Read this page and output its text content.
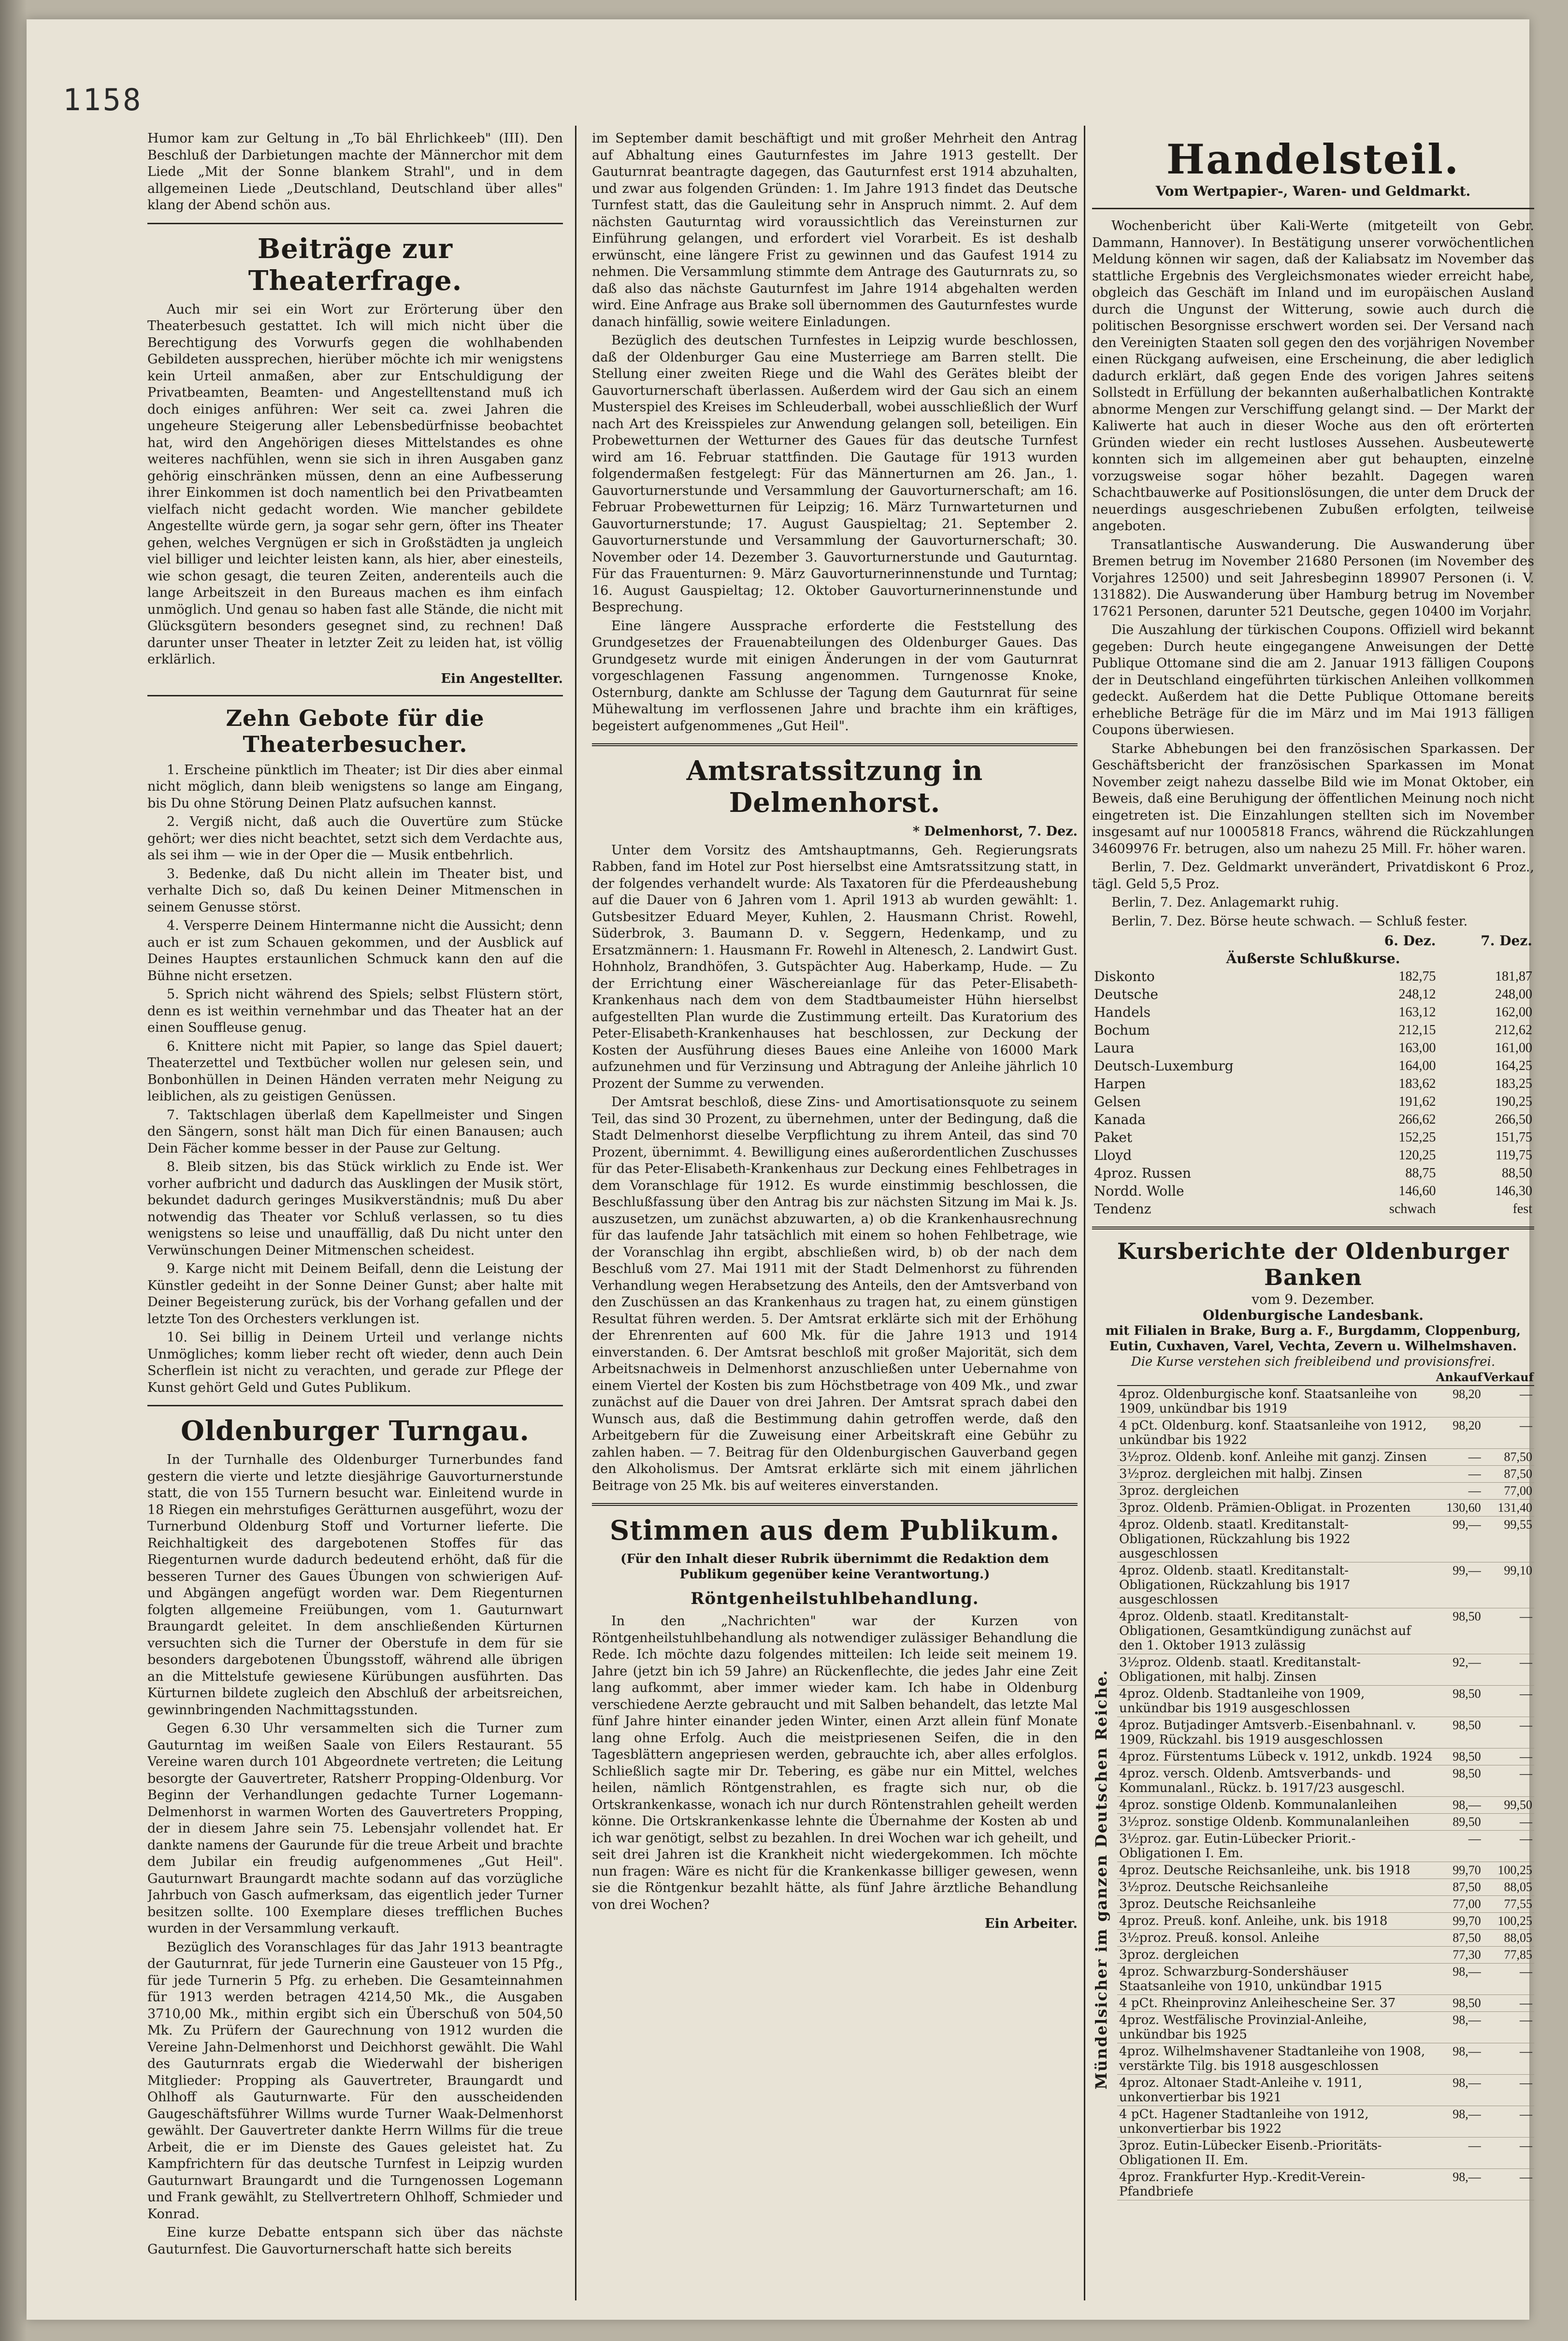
1158

Humor kam zur Geltung in „To bäl Ehrlichkeeb" (III). Den Beschluß der Darbietungen machte der Männerchor mit dem Liede „Mit der Sonne blankem Strahl", und in dem allgemeinen Liede „Deutschland, Deutschland über alles" klang der Abend schön aus.

Beiträge zur Theaterfrage.

Auch mir sei ein Wort zur Erörterung über den Theaterbesuch gestattet. Ich will mich nicht über die Berechtigung des Vorwurfs gegen die wohlhabenden Gebildeten aussprechen, hierüber möchte ich mir wenigstens kein Urteil anmaßen, aber zur Entschuldigung der Privatbeamten, Beamten- und Angestelltenstand muß ich doch einiges anführen: Wer seit ca. zwei Jahren die ungeheure Steigerung aller Lebensbedürfnisse beobachtet hat, wird den Angehörigen dieses Mittelstandes es ohne weiteres nachfühlen, wenn sie sich in ihren Ausgaben ganz gehörig einschränken müssen, denn an eine Aufbesserung ihrer Einkommen ist doch namentlich bei den Privatbeamten vielfach nicht gedacht worden. Wie mancher gebildete Angestellte würde gern, ja sogar sehr gern, öfter ins Theater gehen, welches Vergnügen er sich in Großstädten ja ungleich viel billiger und leichter leisten kann, als hier, aber einesteils, wie schon gesagt, die teuren Zeiten, anderenteils auch die lange Arbeitszeit in den Bureaus machen es ihm einfach unmöglich. Und genau so haben fast alle Stände, die nicht mit Glücksgütern besonders gesegnet sind, zu rechnen! Daß darunter unser Theater in letzter Zeit zu leiden hat, ist völlig erklärlich.

Ein Angestellter.
Zehn Gebote für die Theaterbesucher.

1. Erscheine pünktlich im Theater; ist Dir dies aber einmal nicht möglich, dann bleib wenigstens so lange am Eingang, bis Du ohne Störung Deinen Platz aufsuchen kannst.

2. Vergiß nicht, daß auch die Ouvertüre zum Stücke gehört; wer dies nicht beachtet, setzt sich dem Verdachte aus, als sei ihm — wie in der Oper die — Musik entbehrlich.

3. Bedenke, daß Du nicht allein im Theater bist, und verhalte Dich so, daß Du keinen Deiner Mitmenschen in seinem Genusse störst.

4. Versperre Deinem Hintermanne nicht die Aussicht; denn auch er ist zum Schauen gekommen, und der Ausblick auf Deines Hauptes erstaunlichen Schmuck kann den auf die Bühne nicht ersetzen.

5. Sprich nicht während des Spiels; selbst Flüstern stört, denn es ist weithin vernehmbar und das Theater hat an der einen Souffleuse genug.

6. Knittere nicht mit Papier, so lange das Spiel dauert; Theaterzettel und Textbücher wollen nur gelesen sein, und Bonbonhüllen in Deinen Händen verraten mehr Neigung zu leiblichen, als zu geistigen Genüssen.

7. Taktschlagen überlaß dem Kapellmeister und Singen den Sängern, sonst hält man Dich für einen Banausen; auch Dein Fächer komme besser in der Pause zur Geltung.

8. Bleib sitzen, bis das Stück wirklich zu Ende ist. Wer vorher aufbricht und dadurch das Ausklingen der Musik stört, bekundet dadurch geringes Musikverständnis; muß Du aber notwendig das Theater vor Schluß verlassen, so tu dies wenigstens so leise und unauffällig, daß Du nicht unter den Verwünschungen Deiner Mitmenschen scheidest.

9. Karge nicht mit Deinem Beifall, denn die Leistung der Künstler gedeiht in der Sonne Deiner Gunst; aber halte mit Deiner Begeisterung zurück, bis der Vorhang gefallen und der letzte Ton des Orchesters verklungen ist.

10. Sei billig in Deinem Urteil und verlange nichts Unmögliches; komm lieber recht oft wieder, denn auch Dein Scherflein ist nicht zu verachten, und gerade zur Pflege der Kunst gehört Geld und Gutes Publikum.

Oldenburger Turngau.

In der Turnhalle des Oldenburger Turnerbundes fand gestern die vierte und letzte diesjährige Gauvorturnerstunde statt, die von 155 Turnern besucht war. Einleitend wurde in 18 Riegen ein mehrstufiges Gerätturnen ausgeführt, wozu der Turnerbund Oldenburg Stoff und Vorturner lieferte. Die Reichhaltigkeit des dargebotenen Stoffes für das Riegenturnen wurde dadurch bedeutend erhöht, daß für die besseren Turner des Gaues Übungen von schwierigen Auf- und Abgängen angefügt worden war. Dem Riegenturnen folgten allgemeine Freiübungen, vom 1. Gauturnwart Braungardt geleitet. In dem anschließenden Kürturnen versuchten sich die Turner der Oberstufe in dem für sie besonders dargebotenen Übungsstoff, während alle übrigen an die Mittelstufe gewiesene Kürübungen ausführten. Das Kürturnen bildete zugleich den Abschluß der arbeitsreichen, gewinnbringenden Nachmittagsstunden.

Gegen 6.30 Uhr versammelten sich die Turner zum Gauturntag im weißen Saale von Eilers Restaurant. 55 Vereine waren durch 101 Abgeordnete vertreten; die Leitung besorgte der Gauvertreter, Ratsherr Propping-Oldenburg. Vor Beginn der Verhandlungen gedachte Turner Logemann-Delmenhorst in warmen Worten des Gauvertreters Propping, der in diesem Jahre sein 75. Lebensjahr vollendet hat. Er dankte namens der Gaurunde für die treue Arbeit und brachte dem Jubilar ein freudig aufgenommenes „Gut Heil". Gauturnwart Braungardt machte sodann auf das vorzügliche Jahrbuch von Gasch aufmerksam, das eigentlich jeder Turner besitzen sollte. 100 Exemplare dieses trefflichen Buches wurden in der Versammlung verkauft.

Bezüglich des Voranschlages für das Jahr 1913 beantragte der Gauturnrat, für jede Turnerin eine Gausteuer von 15 Pfg., für jede Turnerin 5 Pfg. zu erheben. Die Gesamteinnahmen für 1913 werden betragen 4214,50 Mk., die Ausgaben 3710,00 Mk., mithin ergibt sich ein Überschuß von 504,50 Mk. Zu Prüfern der Gaurechnung von 1912 wurden die Vereine Jahn-Delmenhorst und Deichhorst gewählt. Die Wahl des Gauturnrats ergab die Wiederwahl der bisherigen Mitglieder: Propping als Gauvertreter, Braungardt und Ohlhoff als Gauturnwarte. Für den ausscheidenden Gaugeschäftsführer Willms wurde Turner Waak-Delmenhorst gewählt. Der Gauvertreter dankte Herrn Willms für die treue Arbeit, die er im Dienste des Gaues geleistet hat. Zu Kampfrichtern für das deutsche Turnfest in Leipzig wurden Gauturnwart Braungardt und die Turngenossen Logemann und Frank gewählt, zu Stellvertretern Ohlhoff, Schmieder und Konrad.

Eine kurze Debatte entspann sich über das nächste Gauturnfest. Die Gauvorturnerschaft hatte sich bereits

im September damit beschäftigt und mit großer Mehrheit den Antrag auf Abhaltung eines Gauturnfestes im Jahre 1913 gestellt. Der Gauturnrat beantragte dagegen, das Gauturnfest erst 1914 abzuhalten, und zwar aus folgenden Gründen: 1. Im Jahre 1913 findet das Deutsche Turnfest statt, das die Gauleitung sehr in Anspruch nimmt. 2. Auf dem nächsten Gauturntag wird voraussichtlich das Vereinsturnen zur Einführung gelangen, und erfordert viel Vorarbeit. Es ist deshalb erwünscht, eine längere Frist zu gewinnen und das Gaufest 1914 zu nehmen. Die Versammlung stimmte dem Antrage des Gauturnrats zu, so daß also das nächste Gauturnfest im Jahre 1914 abgehalten werden wird. Eine Anfrage aus Brake soll übernommen des Gauturnfestes wurde danach hinfällig, sowie weitere Einladungen.

Bezüglich des deutschen Turnfestes in Leipzig wurde beschlossen, daß der Oldenburger Gau eine Musterriege am Barren stellt. Die Stellung einer zweiten Riege und die Wahl des Gerätes bleibt der Gauvorturnerschaft überlassen. Außerdem wird der Gau sich an einem Musterspiel des Kreises im Schleuderball, wobei ausschließlich der Wurf nach Art des Kreisspieles zur Anwendung gelangen soll, beteiligen. Ein Probewetturnen der Wetturner des Gaues für das deutsche Turnfest wird am 16. Februar stattfinden. Die Gautage für 1913 wurden folgendermaßen festgelegt: Für das Männerturnen am 26. Jan., 1. Gauvorturnerstunde und Versammlung der Gauvorturnerschaft; am 16. Februar Probewetturnen für Leipzig; 16. März Turnwarteturnen und Gauvorturnerstunde; 17. August Gauspieltag; 21. September 2. Gauvorturnerstunde und Versammlung der Gauvorturnerschaft; 30. November oder 14. Dezember 3. Gauvorturnerstunde und Gauturntag. Für das Frauenturnen: 9. März Gauvorturnerinnenstunde und Turntag; 16. August Gauspieltag; 12. Oktober Gauvorturnerinnenstunde und Besprechung.

Eine längere Aussprache erforderte die Feststellung des Grundgesetzes der Frauenabteilungen des Oldenburger Gaues. Das Grundgesetz wurde mit einigen Änderungen in der vom Gauturnrat vorgeschlagenen Fassung angenommen. Turngenosse Knoke, Osternburg, dankte am Schlusse der Tagung dem Gauturnrat für seine Mühewaltung im verflossenen Jahre und brachte ihm ein kräftiges, begeistert aufgenommenes „Gut Heil".

Amtsratssitzung in Delmenhorst.

* Delmenhorst, 7. Dez.

Unter dem Vorsitz des Amtshauptmanns, Geh. Regierungsrats Rabben, fand im Hotel zur Post hierselbst eine Amtsratssitzung statt, in der folgendes verhandelt wurde: Als Taxatoren für die Pferdeaushebung auf die Dauer von 6 Jahren vom 1. April 1913 ab wurden gewählt: 1. Gutsbesitzer Eduard Meyer, Kuhlen, 2. Hausmann Christ. Rowehl, Süderbrok, 3. Baumann D. v. Seggern, Hedenkamp, und zu Ersatzmännern: 1. Hausmann Fr. Rowehl in Altenesch, 2. Landwirt Gust. Hohnholz, Brandhöfen, 3. Gutspächter Aug. Haberkamp, Hude. — Zu der Errichtung einer Wäschereianlage für das Peter-Elisabeth-Krankenhaus nach dem von dem Stadtbaumeister Hühn hierselbst aufgestellten Plan wurde die Zustimmung erteilt. Das Kuratorium des Peter-Elisabeth-Krankenhauses hat beschlossen, zur Deckung der Kosten der Ausführung dieses Baues eine Anleihe von 16000 Mark aufzunehmen und für Verzinsung und Abtragung der Anleihe jährlich 10 Prozent der Summe zu verwenden.

Der Amtsrat beschloß, diese Zins- und Amortisationsquote zu seinem Teil, das sind 30 Prozent, zu übernehmen, unter der Bedingung, daß die Stadt Delmenhorst dieselbe Verpflichtung zu ihrem Anteil, das sind 70 Prozent, übernimmt. 4. Bewilligung eines außerordentlichen Zuschusses für das Peter-Elisabeth-Krankenhaus zur Deckung eines Fehlbetrages in dem Voranschlage für 1912. Es wurde einstimmig beschlossen, die Beschlußfassung über den Antrag bis zur nächsten Sitzung im Mai k. Js. auszusetzen, um zunächst abzuwarten, a) ob die Krankenhausrechnung für das laufende Jahr tatsächlich mit einem so hohen Fehlbetrage, wie der Voranschlag ihn ergibt, abschließen wird, b) ob der nach dem Beschluß vom 27. Mai 1911 mit der Stadt Delmenhorst zu führenden Verhandlung wegen Herabsetzung des Anteils, den der Amtsverband von den Zuschüssen an das Krankenhaus zu tragen hat, zu einem günstigen Resultat führen werden. 5. Der Amtsrat erklärte sich mit der Erhöhung der Ehrenrenten auf 600 Mk. für die Jahre 1913 und 1914 einverstanden. 6. Der Amtsrat beschloß mit großer Majorität, sich dem Arbeitsnachweis in Delmenhorst anzuschließen unter Uebernahme von einem Viertel der Kosten bis zum Höchstbetrage von 409 Mk., und zwar zunächst auf die Dauer von drei Jahren. Der Amtsrat sprach dabei den Wunsch aus, daß die Bestimmung dahin getroffen werde, daß den Arbeitgebern für die Zuweisung einer Arbeitskraft eine Gebühr zu zahlen haben. — 7. Beitrag für den Oldenburgischen Gauverband gegen den Alkoholismus. Der Amtsrat erklärte sich mit einem jährlichen Beitrage von 25 Mk. bis auf weiteres einverstanden.

Stimmen aus dem Publikum.
(Für den Inhalt dieser Rubrik übernimmt die Redaktion dem Publikum gegenüber keine Verantwortung.)
Röntgenheilstuhlbehandlung.

In den „Nachrichten" war der Kurzen von Röntgenheilstuhlbehandlung als notwendiger zulässiger Behandlung die Rede. Ich möchte dazu folgendes mitteilen: Ich leide seit meinem 19. Jahre (jetzt bin ich 59 Jahre) an Rückenflechte, die jedes Jahr eine Zeit lang aufkommt, aber immer wieder kam. Ich habe in Oldenburg verschiedene Aerzte gebraucht und mit Salben behandelt, das letzte Mal fünf Jahre hinter einander jeden Winter, einen Arzt allein fünf Monate lang ohne Erfolg. Auch die meistpriesenen Seifen, die in den Tagesblättern angepriesen werden, gebrauchte ich, aber alles erfolglos. Schließlich sagte mir Dr. Tebering, es gäbe nur ein Mittel, welches heilen, nämlich Röntgenstrahlen, es fragte sich nur, ob die Ortskrankenkasse, wonach ich nur durch Röntenstrahlen geheilt werden könne. Die Ortskrankenkasse lehnte die Übernahme der Kosten ab und ich war genötigt, selbst zu bezahlen. In drei Wochen war ich geheilt, und seit drei Jahren ist die Krankheit nicht wiedergekommen. Ich möchte nun fragen: Wäre es nicht für die Krankenkasse billiger gewesen, wenn sie die Röntgenkur bezahlt hätte, als fünf Jahre ärztliche Behandlung von drei Wochen?

Ein Arbeiter.
Handelsteil.
Vom Wertpapier-, Waren- und Geldmarkt.

Wochenbericht über Kali-Werte (mitgeteilt von Gebr. Dammann, Hannover). In Bestätigung unserer vorwöchentlichen Meldung können wir sagen, daß der Kaliabsatz im November das stattliche Ergebnis des Vergleichsmonates wieder erreicht habe, obgleich das Geschäft im Inland und im europäischen Ausland durch die Ungunst der Witterung, sowie auch durch die politischen Besorgnisse erschwert worden sei. Der Versand nach den Vereinigten Staaten soll gegen den des vorjährigen November einen Rückgang aufweisen, eine Erscheinung, die aber lediglich dadurch erklärt, daß gegen Ende des vorigen Jahres seitens Sollstedt in Erfüllung der bekannten außerhalbatlichen Kontrakte abnorme Mengen zur Verschiffung gelangt sind. — Der Markt der Kaliwerte hat auch in dieser Woche aus den oft erörterten Gründen wieder ein recht lustloses Aussehen. Ausbeutewerte konnten sich im allgemeinen aber gut behaupten, einzelne vorzugsweise sogar höher bezahlt. Dagegen waren Schachtbauwerke auf Positionslösungen, die unter dem Druck der neuerdings ausgeschriebenen Zubußen erfolgten, teilweise angeboten.

Transatlantische Auswanderung. Die Auswanderung über Bremen betrug im November 21680 Personen (im November des Vorjahres 12500) und seit Jahresbeginn 189907 Personen (i. V. 131882). Die Auswanderung über Hamburg betrug im November 17621 Personen, darunter 521 Deutsche, gegen 10400 im Vorjahr.

Die Auszahlung der türkischen Coupons. Offiziell wird bekannt gegeben: Durch heute eingegangene Anweisungen der Dette Publique Ottomane sind die am 2. Januar 1913 fälligen Coupons der in Deutschland eingeführten türkischen Anleihen vollkommen gedeckt. Außerdem hat die Dette Publique Ottomane bereits erhebliche Beträge für die im März und im Mai 1913 fälligen Coupons überwiesen.

Starke Abhebungen bei den französischen Sparkassen. Der Geschäftsbericht der französischen Sparkassen im Monat November zeigt nahezu dasselbe Bild wie im Monat Oktober, ein Beweis, daß eine Beruhigung der öffentlichen Meinung noch nicht eingetreten ist. Die Einzahlungen stellten sich im November insgesamt auf nur 10005818 Francs, während die Rückzahlungen 34609976 Fr. betrugen, also um nahezu 25 Mill. Fr. höher waren.

Berlin, 7. Dez. Geldmarkt unverändert, Privatdiskont 6 Proz., tägl. Geld 5,5 Proz.

Berlin, 7. Dez. Anlagemarkt ruhig.

Berlin, 7. Dez. Börse heute schwach. — Schluß fester.

	6. Dez.	7. Dez.
Äußerste Schlußkurse.		
Diskonto	182,75	181,87
Deutsche	248,12	248,00
Handels	163,12	162,00
Bochum	212,15	212,62
Laura	163,00	161,00
Deutsch-Luxemburg	164,00	164,25
Harpen	183,62	183,25
Gelsen	191,62	190,25
Kanada	266,62	266,50
Paket	152,25	151,75
Lloyd	120,25	119,75
4proz. Russen	88,75	88,50
Nordd. Wolle	146,60	146,30
Tendenz	schwach	fest
Kursberichte der Oldenburger Banken
vom 9. Dezember.
Oldenburgische Landesbank.
mit Filialen in Brake, Burg a. F., Burgdamm, Cloppenburg, Eutin, Cuxhaven, Varel, Vechta, Zevern u. Wilhelmshaven.
Die Kurse verstehen sich freibleibend und provisionsfrei.
Mündelsicher im ganzen Deutschen Reiche.
	Ankauf	Verkauf
4proz. Oldenburgische konf. Staatsanleihe von 1909, unkündbar bis 1919	98,20	—
4 pCt. Oldenburg. konf. Staatsanleihe von 1912, unkündbar bis 1922	98,20	—
3½proz. Oldenb. konf. Anleihe mit ganzj. Zinsen	—	87,50
3½proz. dergleichen mit halbj. Zinsen	—	87,50
3proz. dergleichen	—	77,00
3proz. Oldenb. Prämien-Obligat. in Prozenten	130,60	131,40
4proz. Oldenb. staatl. Kreditanstalt-Obligationen, Rückzahlung bis 1922 ausgeschlossen	99,—	99,55
4proz. Oldenb. staatl. Kreditanstalt-Obligationen, Rückzahlung bis 1917 ausgeschlossen	99,—	99,10
4proz. Oldenb. staatl. Kreditanstalt-Obligationen, Gesamtkündigung zunächst auf den 1. Oktober 1913 zulässig	98,50	—
3½proz. Oldenb. staatl. Kreditanstalt-Obligationen, mit halbj. Zinsen	92,—	—
4proz. Oldenb. Stadtanleihe von 1909, unkündbar bis 1919 ausgeschlossen	98,50	—
4proz. Butjadinger Amtsverb.-Eisenbahnanl. v. 1909, Rückzahl. bis 1919 ausgeschlossen	98,50	—
4proz. Fürstentums Lübeck v. 1912, unkdb. 1924	98,50	—
4proz. versch. Oldenb. Amtsverbands- und Kommunalanl., Rückz. b. 1917/23 ausgeschl.	98,50	—
4proz. sonstige Oldenb. Kommunalanleihen	98,—	99,50
3½proz. sonstige Oldenb. Kommunalanleihen	89,50	—
3½proz. gar. Eutin-Lübecker Priorit.-Obligationen I. Em.	—	—
4proz. Deutsche Reichsanleihe, unk. bis 1918	99,70	100,25
3½proz. Deutsche Reichsanleihe	87,50	88,05
3proz. Deutsche Reichsanleihe	77,00	77,55
4proz. Preuß. konf. Anleihe, unk. bis 1918	99,70	100,25
3½proz. Preuß. konsol. Anleihe	87,50	88,05
3proz. dergleichen	77,30	77,85
4proz. Schwarzburg-Sondershäuser Staatsanleihe von 1910, unkündbar 1915	98,—	—
4 pCt. Rheinprovinz Anleihescheine Ser. 37	98,50	—
4proz. Westfälische Provinzial-Anleihe, unkündbar bis 1925	98,—	—
4proz. Wilhelmshavener Stadtanleihe von 1908, verstärkte Tilg. bis 1918 ausgeschlossen	98,—	—
4proz. Altonaer Stadt-Anleihe v. 1911, unkonvertierbar bis 1921	98,—	—
4 pCt. Hagener Stadtanleihe von 1912, unkonvertierbar bis 1922	98,—	—
3proz. Eutin-Lübecker Eisenb.-Prioritäts-Obligationen II. Em.	—	—
4proz. Frankfurter Hyp.-Kredit-Verein-Pfandbriefe	98,—	—
